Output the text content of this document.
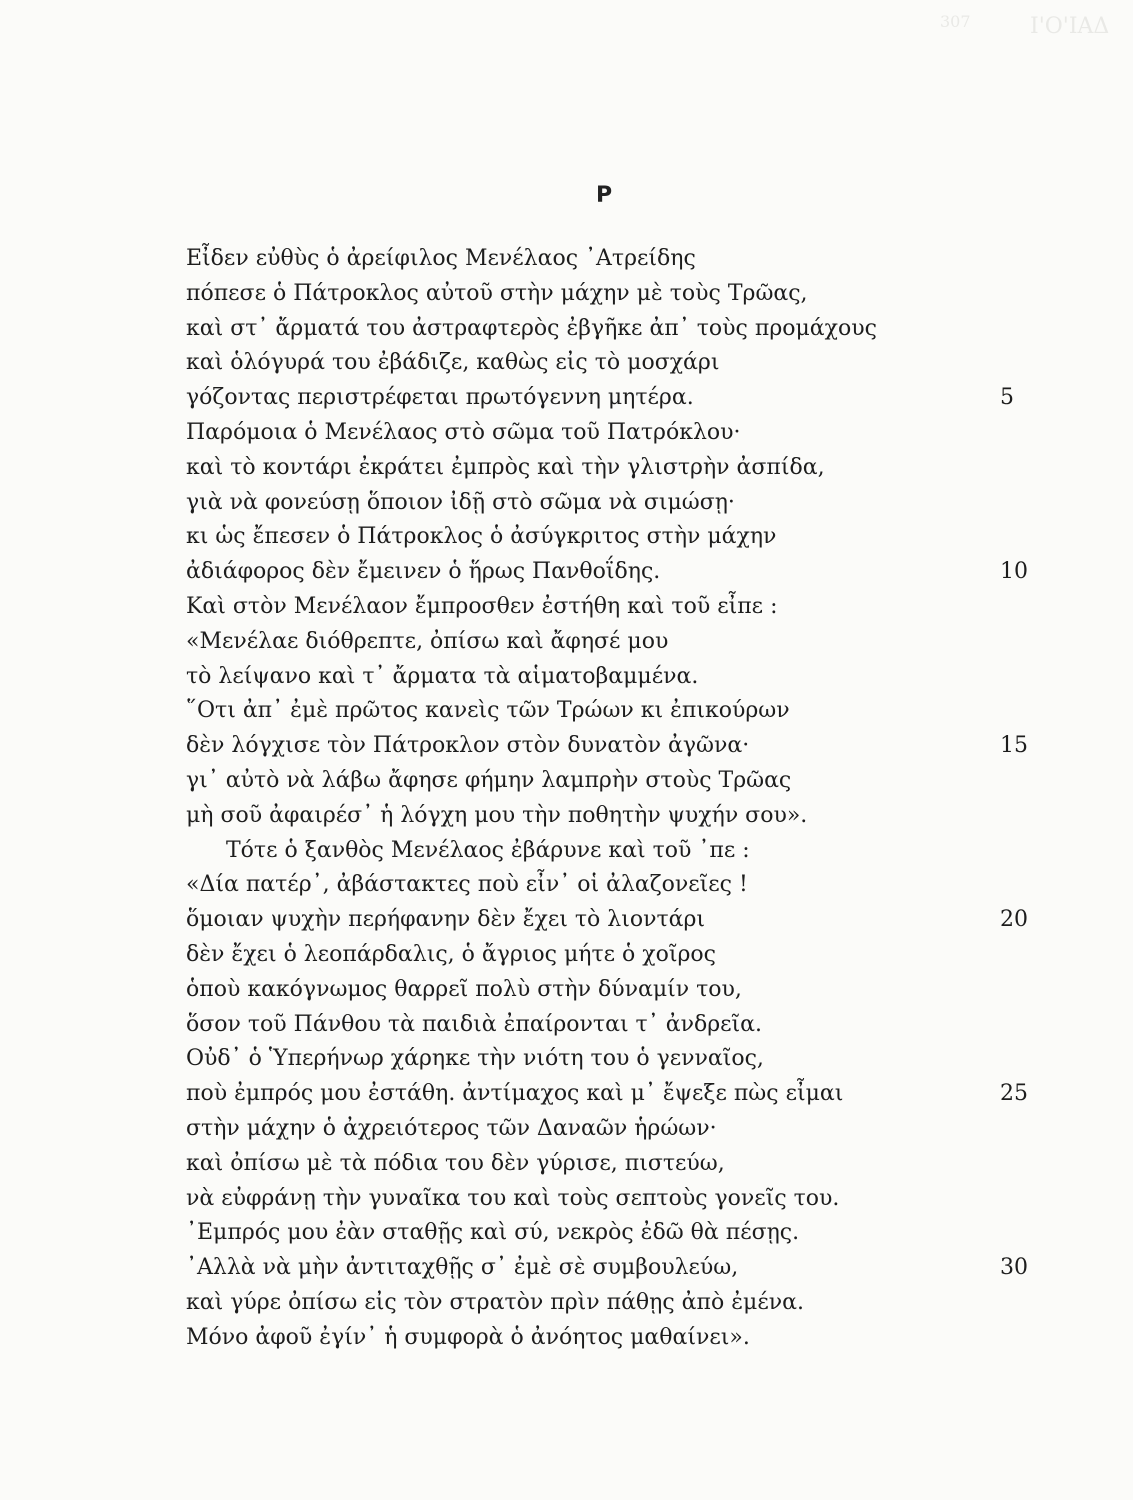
307	Ι'Ο'ΙΑΔ
Ρ
Εἶδεν εὐθὺς ὁ ἀρείφιλος Μενέλαος ᾽Ατρείδης
πόπεσε ὁ Πάτροκλος αὐτοῦ στὴν μάχην μὲ τοὺς Τρῶας,
καὶ στ᾽ ἄρματά του ἀστραφτερὸς ἐβγῆκε ἀπ᾽ τοὺς προμάχους
καὶ ὁλόγυρά του ἐβάδιζε, καθὼς εἰς τὸ μοσχάρι
γόζοντας περιστρέφεται πρωτόγεννη μητέρα.	5
Παρόμοια ὁ Μενέλαος στὸ σῶμα τοῦ Πατρόκλου·
καὶ τὸ κοντάρι ἐκράτει ἐμπρὸς καὶ τὴν γλιστρὴν ἀσπίδα,
γιὰ νὰ φονεύσῃ ὅποιον ἰδῇ στὸ σῶμα νὰ σιμώσῃ·
κι ὡς ἔπεσεν ὁ Πάτροκλος ὁ ἀσύγκριτος στὴν μάχην
ἀδιάφορος δὲν ἔμεινεν ὁ ἥρως Πανθοΐδης.	10
Καὶ στὸν Μενέλαον ἔμπροσθεν ἐστήθη καὶ τοῦ εἶπε :
«Μενέλαε διόθρεπτε, ὀπίσω καὶ ἄφησέ μου
τὸ λείψανο καὶ τ᾽ ἄρματα τὰ αἱματοβαμμένα.
῞Οτι ἀπ᾽ ἐμὲ πρῶτος κανεὶς τῶν Τρώων κι ἐπικούρων
δὲν λόγχισε τὸν Πάτροκλον στὸν δυνατὸν ἀγῶνα·	15
γι᾽ αὐτὸ νὰ λάβω ἄφησε φήμην λαμπρὴν στοὺς Τρῶας
μὴ σοῦ ἀφαιρέσ᾽ ἡ λόγχη μου τὴν ποθητὴν ψυχήν σου».
Τότε ὁ ξανθὸς Μενέλαος ἐβάρυνε καὶ τοῦ ᾽πε :
«Δία πατέρ᾽, ἀβάστακτες ποὺ εἶν᾽ οἱ ἀλαζονεῖες !
ὅμοιαν ψυχὴν περήφανην δὲν ἔχει τὸ λιοντάρι	20
δὲν ἔχει ὁ λεοπάρδαλις, ὁ ἄγριος μήτε ὁ χοῖρος
ὁποὺ κακόγνωμος θαρρεῖ πολὺ στὴν δύναμίν του,
ὅσον τοῦ Πάνθου τὰ παιδιὰ ἐπαίρονται τ᾽ ἀνδρεῖα.
Οὐδ᾽ ὁ Ὑπερήνωρ χάρηκε τὴν νιότη του ὁ γενναῖος,
ποὺ ἐμπρός μου ἐστάθη. ἀντίμαχος καὶ μ᾽ ἔψεξε πὼς εἶμαι	25
στὴν μάχην ὁ ἀχρειότερος τῶν Δαναῶν ἡρώων·
καὶ ὀπίσω μὲ τὰ πόδια του δὲν γύρισε, πιστεύω,
νὰ εὐφράνῃ τὴν γυναῖκα του καὶ τοὺς σεπτοὺς γονεῖς του.
᾽Εμπρός μου ἐὰν σταθῇς καὶ σύ, νεκρὸς ἐδῶ θὰ πέσῃς.
᾽Αλλὰ νὰ μὴν ἀντιταχθῇς σ᾽ ἐμὲ σὲ συμβουλεύω,	30
καὶ γύρε ὀπίσω εἰς τὸν στρατὸν πρὶν πάθῃς ἀπὸ ἐμένα.
Μόνο ἀφοῦ ἐγίν᾽ ἡ συμφορὰ ὁ ἀνόητος μαθαίνει».
